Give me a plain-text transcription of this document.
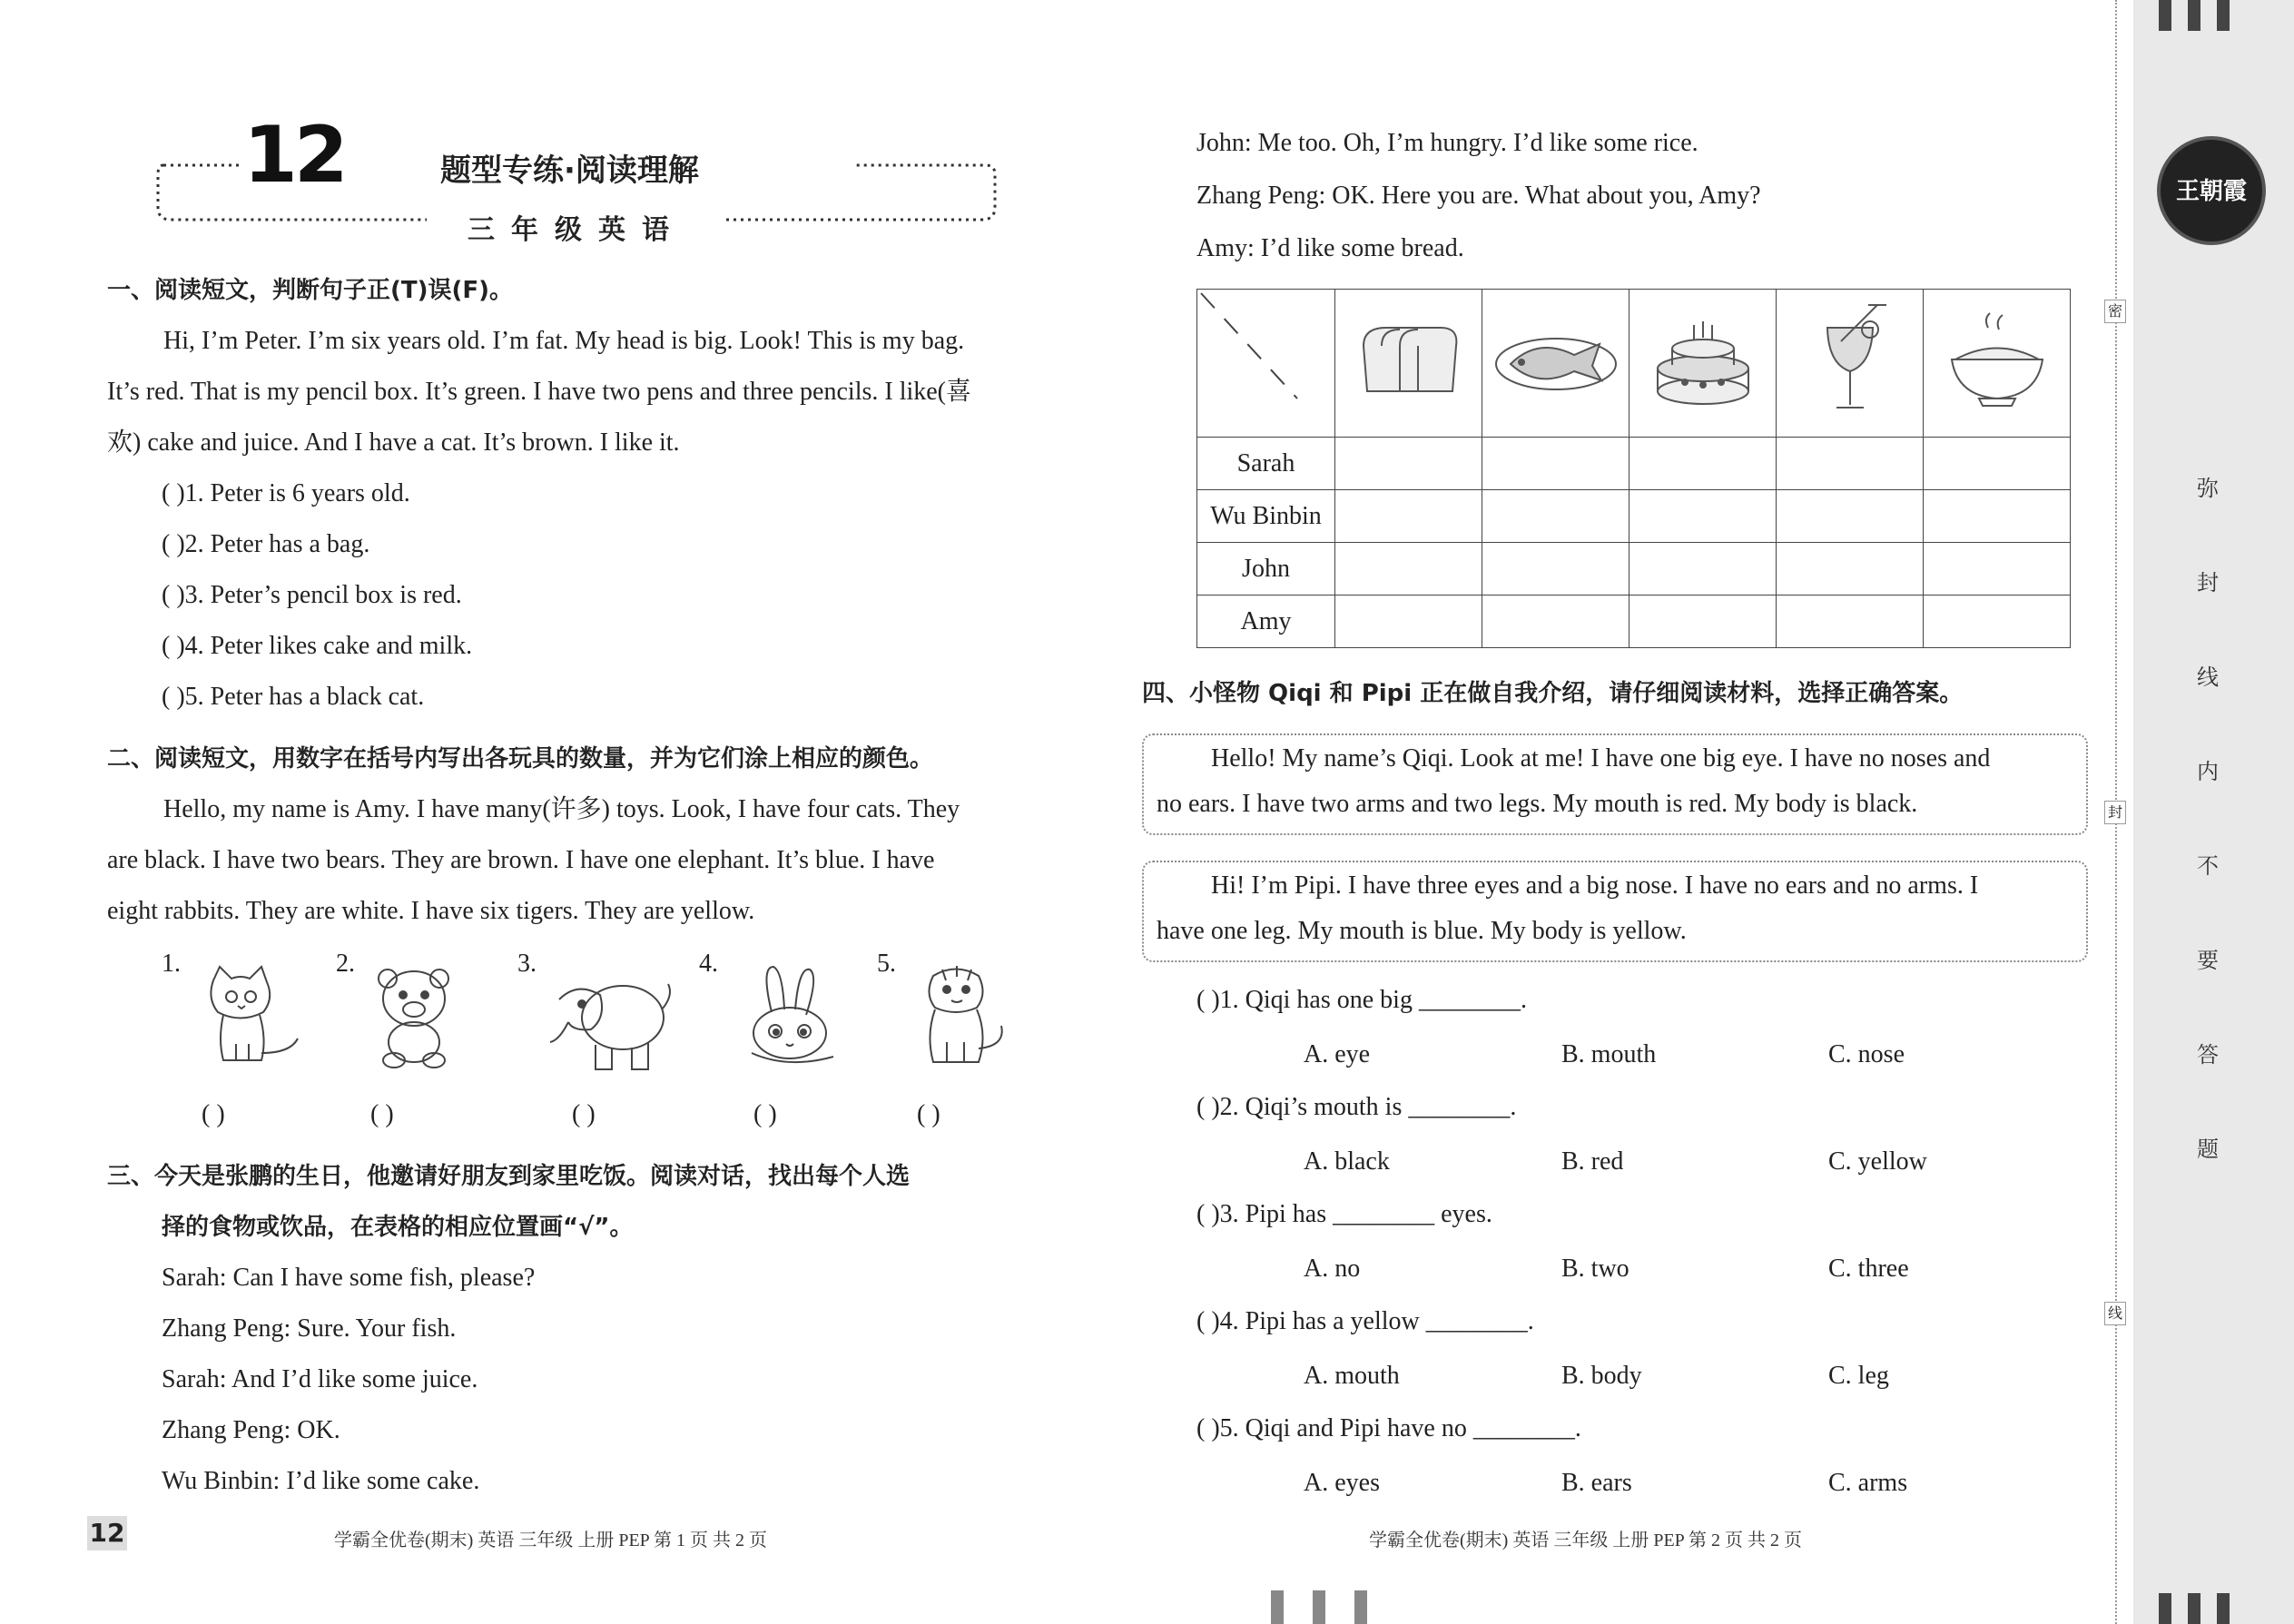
12	题型专练·阅读理解
三年级英语
一、阅读短文，判断句子正(T)误(F)。
Hi, I’m Peter. I’m six years old. I’m fat. My head is big. Look! This is my bag.
It’s red. That is my pencil box. It’s green. I have two pens and three pencils. I like(喜
欢) cake and juice. And I have a cat. It’s brown. I like it.
( )1. Peter is 6 years old.
( )2. Peter has a bag.
( )3. Peter’s pencil box is red.
( )4. Peter likes cake and milk.
( )5. Peter has a black cat.
二、阅读短文，用数字在括号内写出各玩具的数量，并为它们涂上相应的颜色。
Hello, my name is Amy. I have many(许多) toys. Look, I have four cats. They
are black. I have two bears. They are brown. I have one elephant. It’s blue. I have
eight rabbits. They are white. I have six tigers. They are yellow.
1.	2.	3.	4.	5.
( )	( )	( )	( )	( )
三、今天是张鹏的生日，他邀请好朋友到家里吃饭。阅读对话，找出每个人选
择的食物或饮品，在表格的相应位置画“√”。
Sarah: Can I have some fish, please?
Zhang Peng: Sure. Your fish.
Sarah: And I’d like some juice.
Zhang Peng: OK.
Wu Binbin: I’d like some cake.
12	学霸全优卷(期末) 英语 三年级 上册 PEP 第 1 页 共 2 页
John: Me too. Oh, I’m hungry. I’d like some rice.
Zhang Peng: OK. Here you are. What about you, Amy?
Amy: I’d like some bread.

Sarah					
Wu Binbin					
John					
Amy					
四、小怪物 Qiqi 和 Pipi 正在做自我介绍，请仔细阅读材料，选择正确答案。
Hello! My name’s Qiqi. Look at me! I have one big eye. I have no noses and
no ears. I have two arms and two legs. My mouth is red. My body is black.
Hi! I’m Pipi. I have three eyes and a big nose. I have no ears and no arms. I
have one leg. My mouth is blue. My body is yellow.
( )1. Qiqi has one big ________.
A. eye	B. mouth	C. nose
( )2. Qiqi’s mouth is ________.
A. black	B. red	C. yellow
( )3. Pipi has ________ eyes.
A. no	B. two	C. three
( )4. Pipi has a yellow ________.
A. mouth	B. body	C. leg
( )5. Qiqi and Pipi have no ________.
A. eyes	B. ears	C. arms
学霸全优卷(期末) 英语 三年级 上册 PEP 第 2 页 共 2 页
王朝霞
密
封
线
弥
封
线
内
不
要
答
题
